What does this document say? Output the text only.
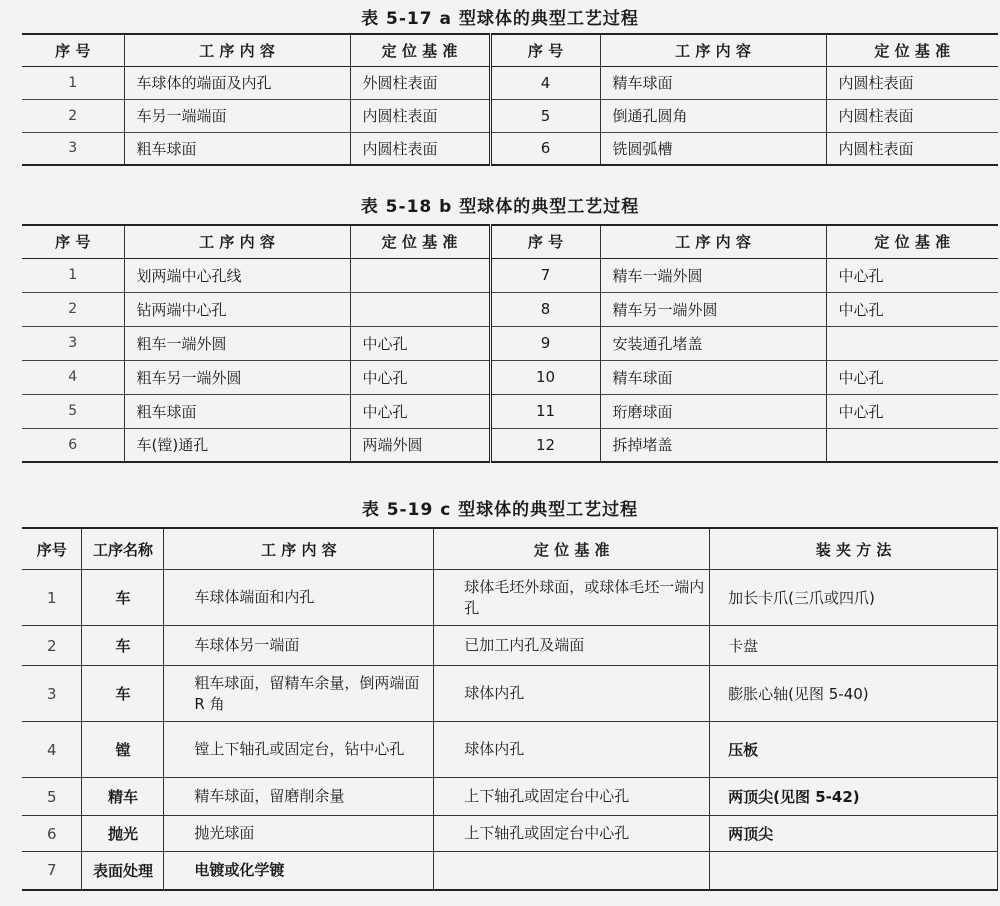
表 5-17 a 型球体的典型工艺过程
序 号	工 序 内 容	定 位 基 准	序 号	工 序 内 容	定 位 基 准
1	车球体的端面及内孔	外圆柱表面	4	精车球面	内圆柱表面
2	车另一端端面	内圆柱表面	5	倒通孔圆角	内圆柱表面
3	粗车球面	内圆柱表面	6	铣圆弧槽	内圆柱表面
表 5-18 b 型球体的典型工艺过程
序 号	工 序 内 容	定 位 基 准	序 号	工 序 内 容	定 位 基 准
1	划两端中心孔线		7	精车一端外圆	中心孔
2	钻两端中心孔		8	精车另一端外圆	中心孔
3	粗车一端外圆	中心孔	9	安装通孔堵盖	
4	粗车另一端外圆	中心孔	10	精车球面	中心孔
5	粗车球面	中心孔	11	珩磨球面	中心孔
6	车(镗)通孔	两端外圆	12	拆掉堵盖	
表 5-19 c 型球体的典型工艺过程
序号	工序名称	工 序 内 容	定 位 基 准	装 夹 方 法
1	车	车球体端面和内孔	球体毛坯外球面，或球体毛坯一端内孔	加长卡爪(三爪或四爪)
2	车	车球体另一端面	已加工内孔及端面	卡盘
3	车	粗车球面，留精车余量，倒两端面 R 角	球体内孔	膨胀心轴(见图 5-40)
4	镗	镗上下轴孔或固定台，钻中心孔	球体内孔	压板
5	精车	精车球面，留磨削余量	上下轴孔或固定台中心孔	两顶尖(见图 5-42)
6	抛光	抛光球面	上下轴孔或固定台中心孔	两顶尖
7	表面处理	电镀或化学镀		
